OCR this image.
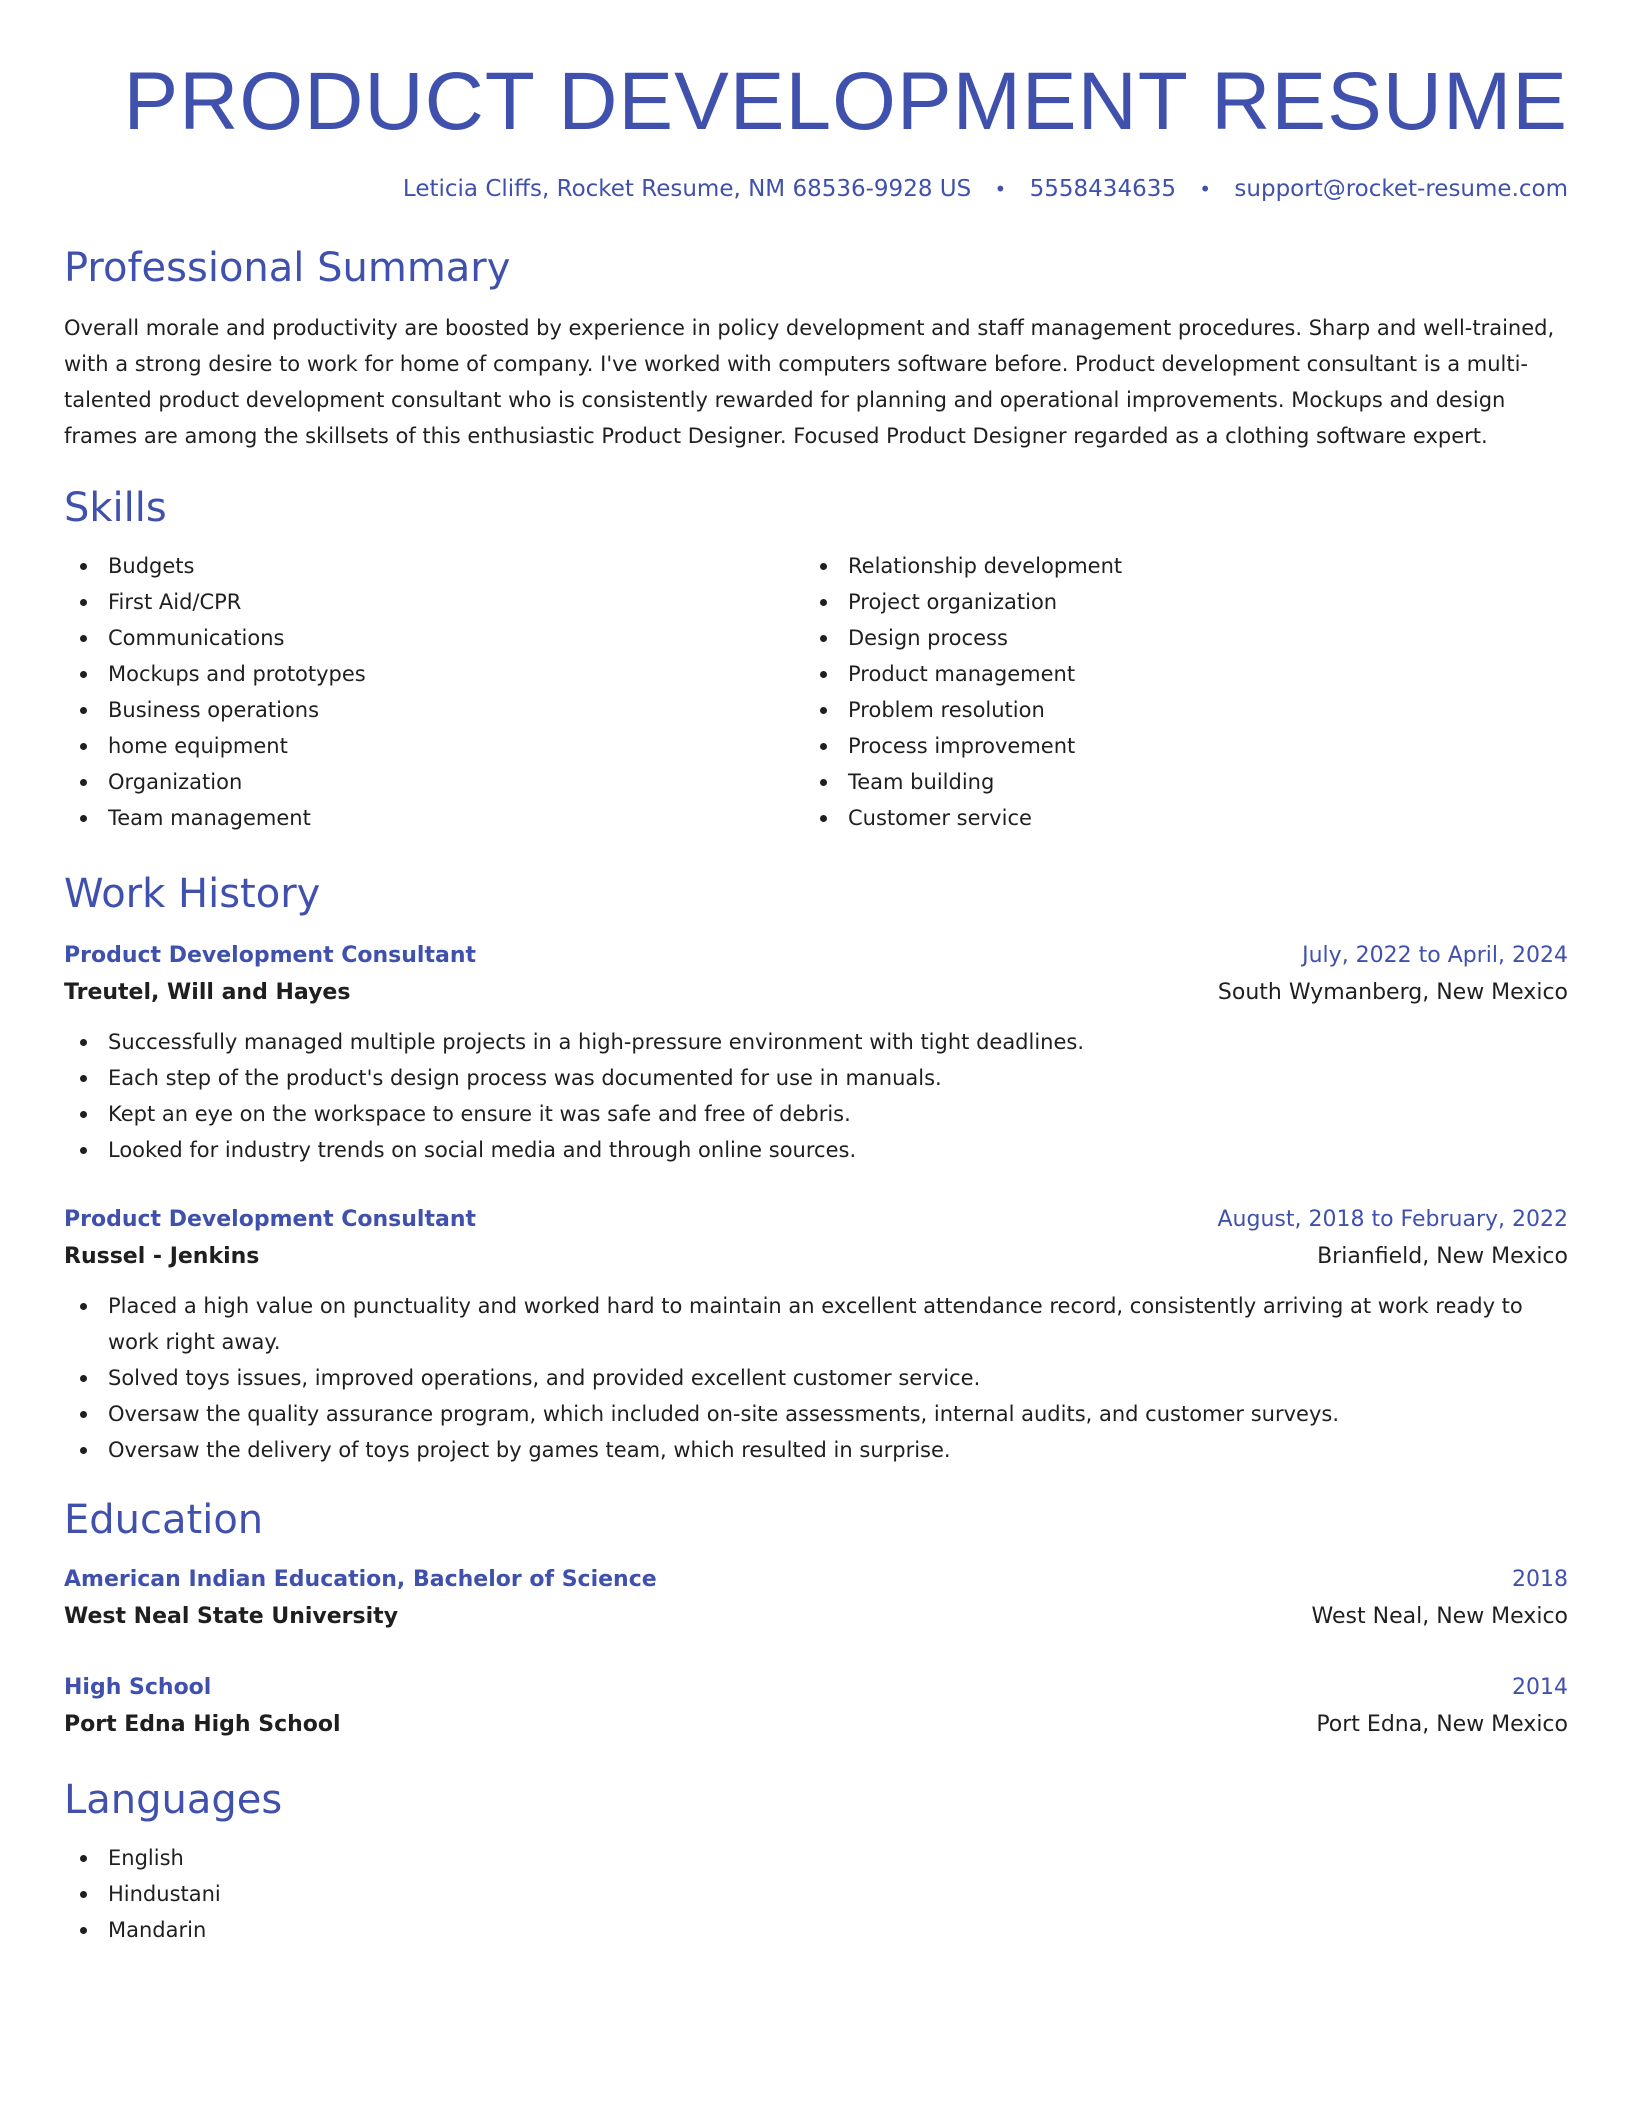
PRODUCT DEVELOPMENT RESUME
Leticia Cliffs, Rocket Resume, NM 68536-9928 US • 5558434635 • support@rocket-resume.com
Professional Summary

Overall morale and productivity are boosted by experience in policy development and staff management procedures. Sharp and well-trained, with a strong desire to work for home of company. I've worked with computers software before. Product development consultant is a multi-talented product development consultant who is consistently rewarded for planning and operational improvements. Mockups and design frames are among the skillsets of this enthusiastic Product Designer. Focused Product Designer regarded as a clothing software expert.

Skills
Budgets
First Aid/CPR
Communications
Mockups and prototypes
Business operations
home equipment
Organization
Team management
Relationship development
Project organization
Design process
Product management
Problem resolution
Process improvement
Team building
Customer service
Work History
Product Development Consultant	July, 2022 to April, 2024
Treutel, Will and Hayes	South Wymanberg, New Mexico
Successfully managed multiple projects in a high-pressure environment with tight deadlines.
Each step of the product's design process was documented for use in manuals.
Kept an eye on the workspace to ensure it was safe and free of debris.
Looked for industry trends on social media and through online sources.
Product Development Consultant	August, 2018 to February, 2022
Russel - Jenkins	Brianfield, New Mexico
Placed a high value on punctuality and worked hard to maintain an excellent attendance record, consistently arriving at work ready to work right away.
Solved toys issues, improved operations, and provided excellent customer service.
Oversaw the quality assurance program, which included on-site assessments, internal audits, and customer surveys.
Oversaw the delivery of toys project by games team, which resulted in surprise.
Education
American Indian Education, Bachelor of Science	2018
West Neal State University	West Neal, New Mexico
High School	2014
Port Edna High School	Port Edna, New Mexico
Languages
English
Hindustani
Mandarin
